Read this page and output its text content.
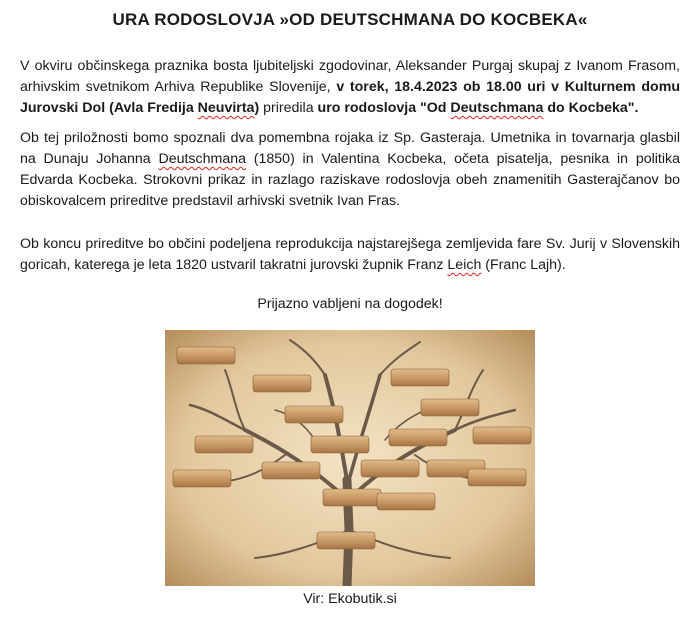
URA RODOSLOVJA »OD DEUTSCHMANA DO KOCBEKA«

V okviru občinskega praznika bosta ljubiteljski zgodovinar, Aleksander Purgaj skupaj z Ivanom Frasom, arhivskim svetnikom Arhiva Republike Slovenije, v torek, 18.4.2023 ob 18.00 uri v Kulturnem domu Jurovski Dol (Avla Fredija Neuvirta) priredila uro rodoslovja "Od Deutschmana do Kocbeka".

Ob tej priložnosti bomo spoznali dva pomembna rojaka iz Sp. Gasteraja. Umetnika in tovarnarja glasbil na Dunaju Johanna Deutschmana (1850) in Valentina Kocbeka, očeta pisatelja, pesnika in politika Edvarda Kocbeka. Strokovni prikaz in razlago raziskave rodoslovja obeh znamenitih Gasterajčanov bo obiskovalcem prireditve predstavil arhivski svetnik Ivan Fras.

Ob koncu prireditve bo občini podeljena reprodukcija najstarejšega zemljevida fare Sv. Jurij v Slovenskih goricah, katerega je leta 1820 ustvaril takratni jurovski župnik Franz Leich (Franc Lajh).

Prijazno vabljeni na dogodek!
Vir: Ekobutik.si
